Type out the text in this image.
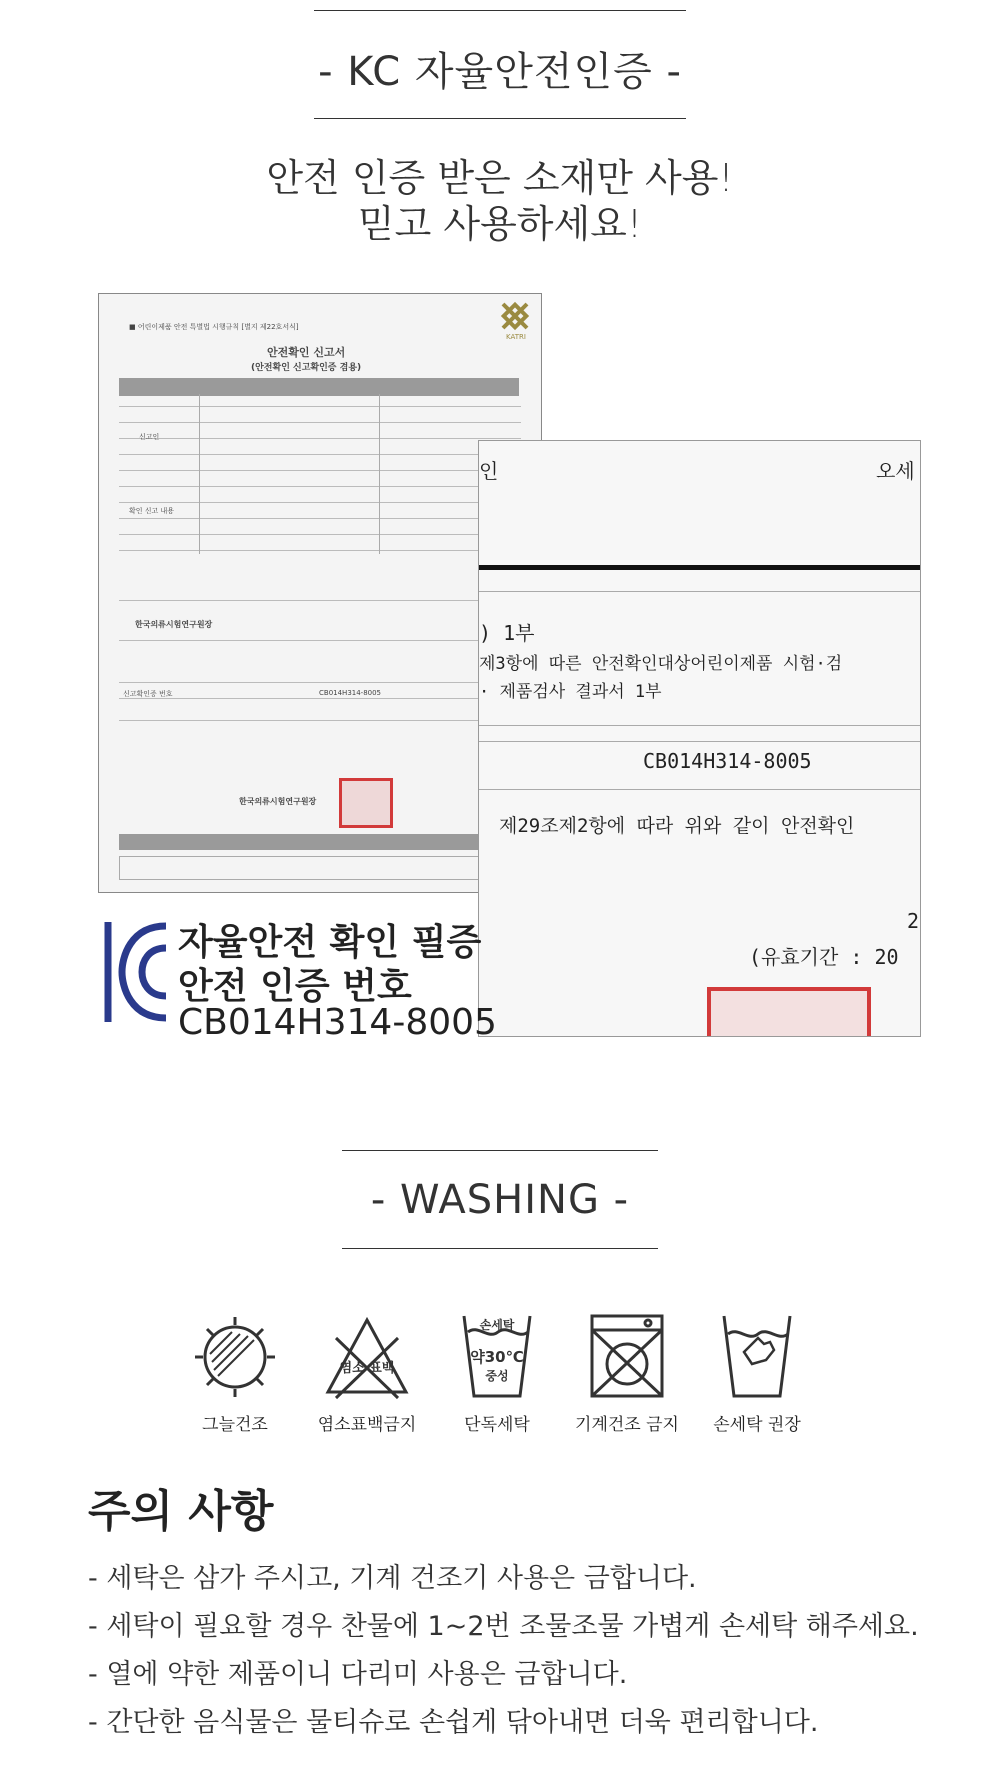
- KC 자율안전인증 -
안전 인증 받은 소재만 사용!
믿고 사용하세요!
KATRI
■ 어린이제품 안전 특별법 시행규칙 [별지 제22호서식]
안전확인 신고서
(안전확인 신고확인증 겸용)
신고인
확인 신고 내용
한국의류시험연구원장
신고확인증 번호	CB014H314-8005
한국의류시험연구원장
인	오세
) 1부
제3항에 따른 안전확인대상어린이제품 시험·검
· 제품검사 결과서 1부
CB014H314-8005
제29조제2항에 따라 위와 같이 안전확인
2
(유효기간 : 20
자율안전 확인 필증
안전 인증 번호
CB014H314-8005
- WASHING -
그늘건조
염소 표백
염소표백금지
손세탁
약30℃
중성
단독세탁	기계건조 금지	손세탁 권장
주의 사항
- 세탁은 삼가 주시고, 기계 건조기 사용은 금합니다.
- 세탁이 필요할 경우 찬물에 1~2번 조물조물 가볍게 손세탁 해주세요.
- 열에 약한 제품이니 다리미 사용은 금합니다.
- 간단한 음식물은 물티슈로 손쉽게 닦아내면 더욱 편리합니다.
